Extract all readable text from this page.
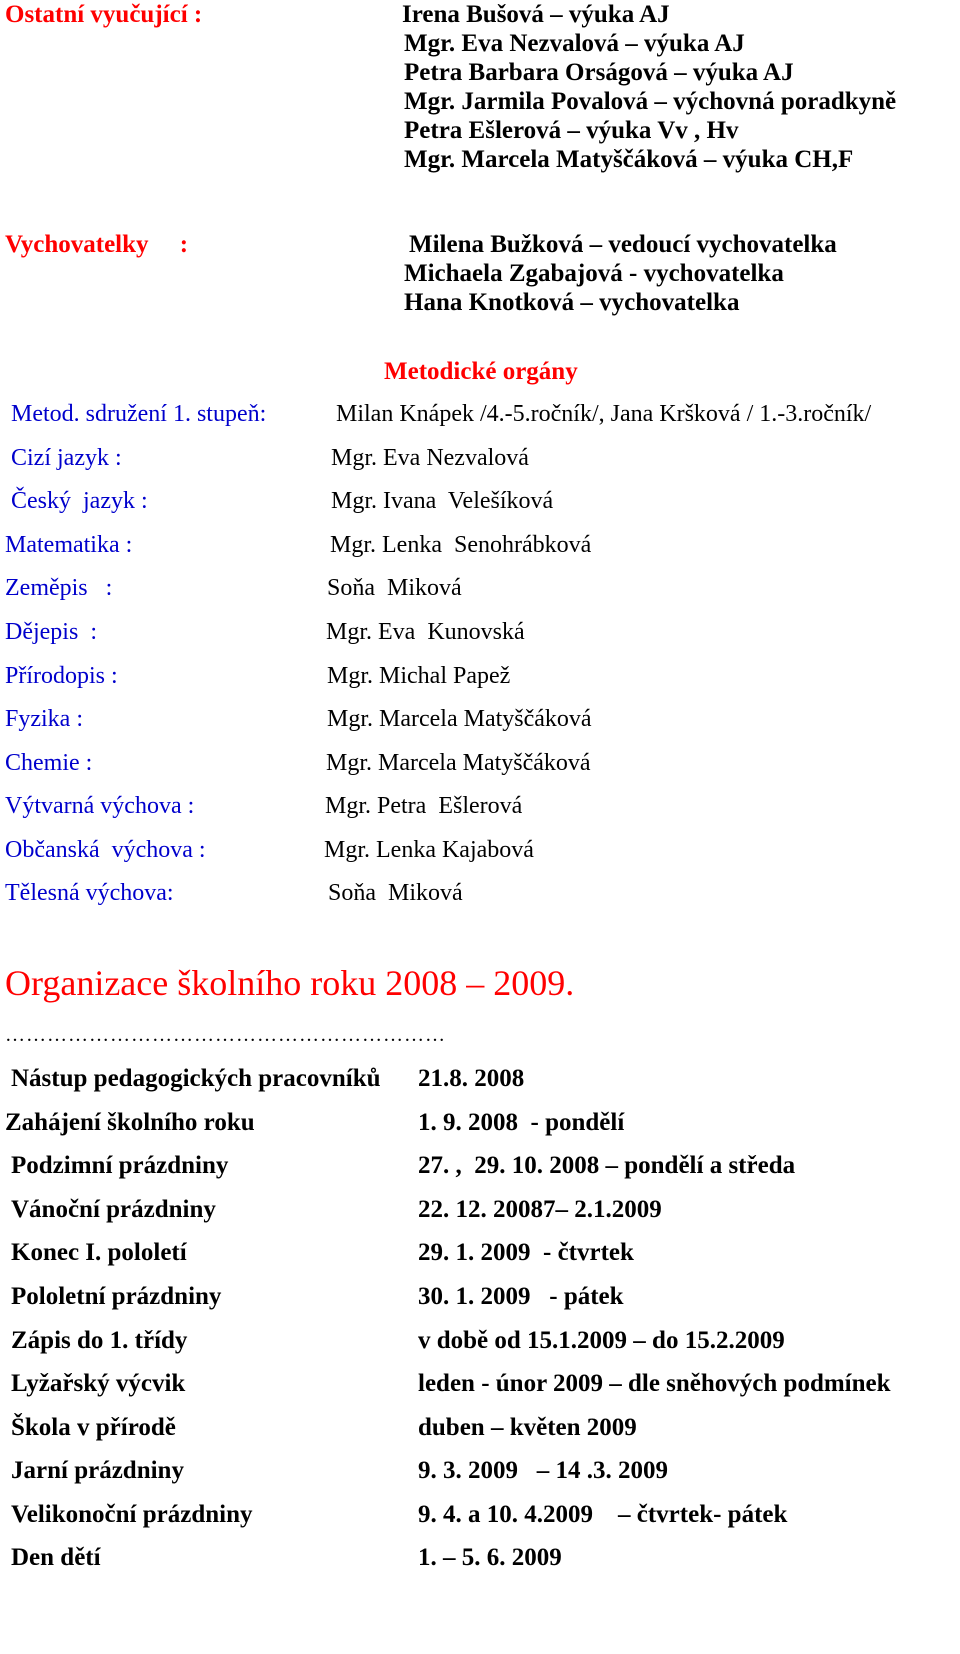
Ostatní vyučující :	Irena Bušová – výuka AJ
Mgr. Eva Nezvalová – výuka AJ
Petra Barbara Orságová – výuka AJ
Mgr. Jarmila Povalová – výchovná poradkyně
Petra Ešlerová – výuka Vv , Hv
Mgr. Marcela Matyščáková – výuka CH,F
Vychovatelky     :	Milena Bužková – vedoucí vychovatelka
Michaela Zgabajová - vychovatelka
Hana Knotková – vychovatelka
Metodické orgány
Metod. sdružení 1. stupeň:	Milan Knápek /4.-5.ročník/, Jana Kršková / 1.-3.ročník/
Cizí jazyk :	Mgr. Eva Nezvalová
Český  jazyk :	Mgr. Ivana  Velešíková
Matematika :	Mgr. Lenka  Senohrábková
Zeměpis   :	Soňa  Miková
Dějepis  :	Mgr. Eva  Kunovská
Přírodopis :	Mgr. Michal Papež
Fyzika :	Mgr. Marcela Matyščáková
Chemie :	Mgr. Marcela Matyščáková
Výtvarná výchova :	Mgr. Petra  Ešlerová
Občanská  výchova :	Mgr. Lenka Kajabová
Tělesná výchova:	Soňa  Miková
Organizace školního roku 2008 – 2009.
………………………………………………………
Nástup pedagogických pracovníků 21.8. 2008
Zahájení školního roku	1. 9. 2008  - pondělí
Podzimní prázdniny	27. ,  29. 10. 2008 – pondělí a středa
Vánoční prázdniny	22. 12. 20087– 2.1.2009
Konec I. pololetí	29. 1. 2009  - čtvrtek
Pololetní prázdniny	30. 1. 2009   - pátek
Zápis do 1. třídy	v době od 15.1.2009 – do 15.2.2009
Lyžařský výcvik	leden - únor 2009 – dle sněhových podmínek
Škola v přírodě	duben – květen 2009
Jarní prázdniny	9. 3. 2009   – 14 .3. 2009
Velikonoční prázdniny	9. 4. a 10. 4.2009    – čtvrtek- pátek
Den dětí	1. – 5. 6. 2009
